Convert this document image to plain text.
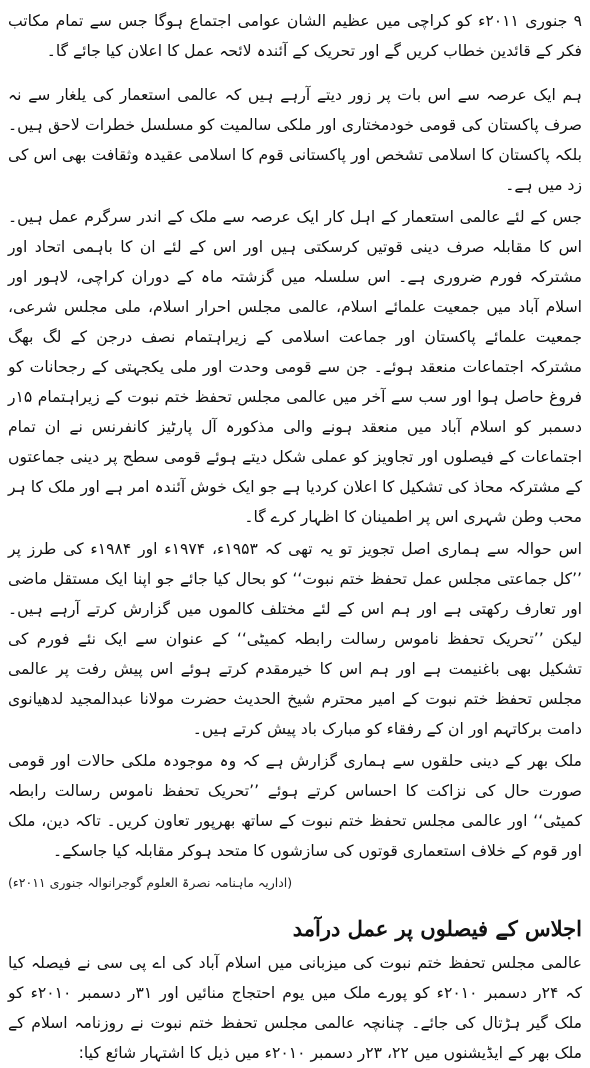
۹ جنوری ۲۰۱۱ء کو کراچی میں عظیم الشان عوامی اجتماع ہوگا جس سے تمام مکاتب فکر کے قائدین خطاب کریں گے اور تحریک کے آئندہ لائحہ عمل کا اعلان کیا جائے گا۔

ہم ایک عرصہ سے اس بات پر زور دیتے آرہے ہیں کہ عالمی استعمار کی یلغار سے نہ صرف پاکستان کی قومی خودمختاری اور ملکی سالمیت کو مسلسل خطرات لاحق ہیں۔ بلکہ پاکستان کا اسلامی تشخص اور پاکستانی قوم کا اسلامی عقیدہ وثقافت بھی اس کی زد میں ہے۔

جس کے لئے عالمی استعمار کے اہل کار ایک عرصہ سے ملک کے اندر سرگرم عمل ہیں۔ اس کا مقابلہ صرف دینی قوتیں کرسکتی ہیں اور اس کے لئے ان کا باہمی اتحاد اور مشترکہ فورم ضروری ہے۔ اس سلسلہ میں گزشتہ ماہ کے دوران کراچی، لاہور اور اسلام آباد میں جمعیت علمائے اسلام، عالمی مجلس احرار اسلام، ملی مجلس شرعی، جمعیت علمائے پاکستان اور جماعت اسلامی کے زیراہتمام نصف درجن کے لگ بھگ مشترکہ اجتماعات منعقد ہوئے۔ جن سے قومی وحدت اور ملی یکجہتی کے رجحانات کو فروغ حاصل ہوا اور سب سے آخر میں عالمی مجلس تحفظ ختم نبوت کے زیراہتمام ۱۵ر دسمبر کو اسلام آباد میں منعقد ہونے والی مذکورہ آل پارٹیز کانفرنس نے ان تمام اجتماعات کے فیصلوں اور تجاویز کو عملی شکل دیتے ہوئے قومی سطح پر دینی جماعتوں کے مشترکہ محاذ کی تشکیل کا اعلان کردیا ہے جو ایک خوش آئندہ امر ہے اور ملک کا ہر محب وطن شہری اس پر اطمینان کا اظہار کرے گا۔

اس حوالہ سے ہماری اصل تجویز تو یہ تھی کہ ۱۹۵۳ء، ۱۹۷۴ء اور ۱۹۸۴ء کی طرز پر ’’کل جماعتی مجلس عمل تحفظ ختم نبوت‘‘ کو بحال کیا جائے جو اپنا ایک مستقل ماضی اور تعارف رکھتی ہے اور ہم اس کے لئے مختلف کالموں میں گزارش کرتے آرہے ہیں۔ لیکن ’’تحریک تحفظ ناموس رسالت رابطہ کمیٹی‘‘ کے عنوان سے ایک نئے فورم کی تشکیل بھی باغنیمت ہے اور ہم اس کا خیرمقدم کرتے ہوئے اس پیش رفت پر عالمی مجلس تحفظ ختم نبوت کے امیر محترم شیخ الحدیث حضرت مولانا عبدالمجید لدھیانوی دامت برکاتہم اور ان کے رفقاء کو مبارک باد پیش کرتے ہیں۔

ملک بھر کے دینی حلقوں سے ہماری گزارش ہے کہ وہ موجودہ ملکی حالات اور قومی صورت حال کی نزاکت کا احساس کرتے ہوئے ’’تحریک تحفظ ناموس رسالت رابطہ کمیٹی‘‘ اور عالمی مجلس تحفظ ختم نبوت کے ساتھ بھرپور تعاون کریں۔ تاکہ دین، ملک اور قوم کے خلاف استعماری قوتوں کی سازشوں کا متحد ہوکر مقابلہ کیا جاسکے۔

(اداریہ ماہنامہ نصرۃ العلوم گوجرانوالہ جنوری ۲۰۱۱ء)

اجلاس کے فیصلوں پر عمل درآمد

عالمی مجلس تحفظ ختم نبوت کی میزبانی میں اسلام آباد کی اے پی سی نے فیصلہ کیا کہ ۲۴ر دسمبر ۲۰۱۰ء کو پورے ملک میں یوم احتجاج منائیں اور ۳۱ر دسمبر ۲۰۱۰ء کو ملک گیر ہڑتال کی جائے۔ چنانچہ عالمی مجلس تحفظ ختم نبوت نے روزنامہ اسلام کے ملک بھر کے ایڈیشنوں میں ۲۲، ۲۳ر دسمبر ۲۰۱۰ء میں ذیل کا اشتہار شائع کیا:
